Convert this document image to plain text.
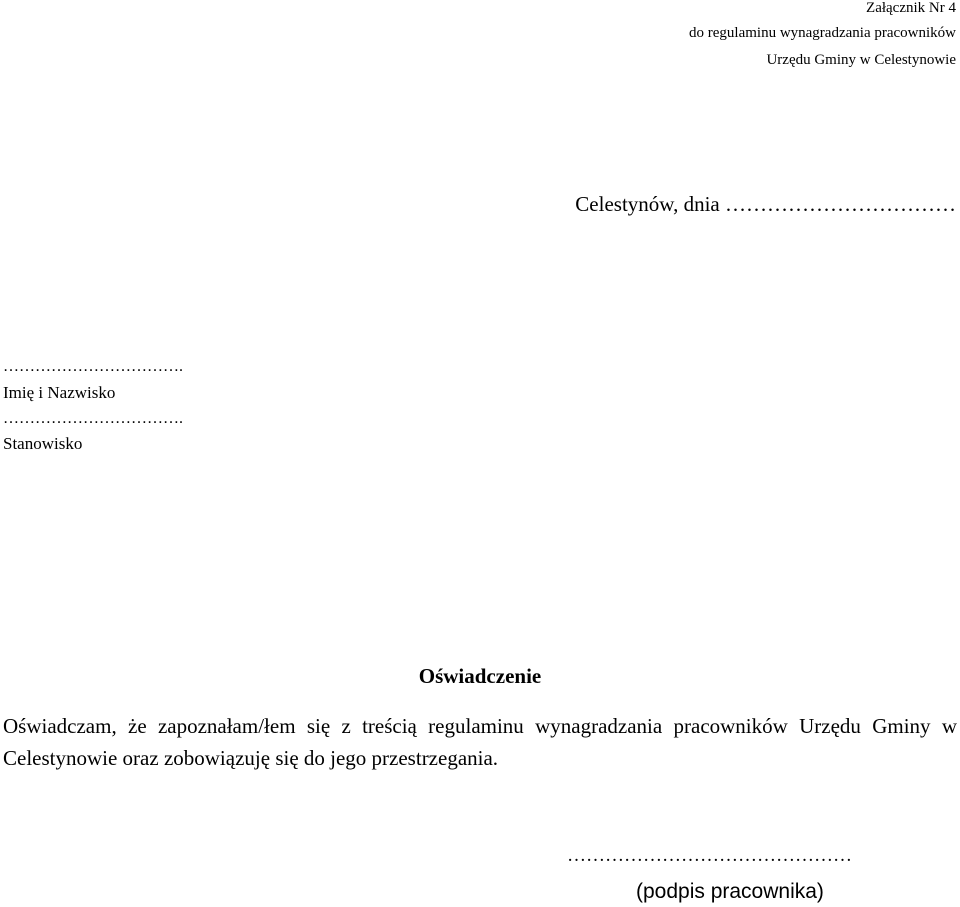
Załącznik Nr 4
do regulaminu wynagradzania pracowników
Urzędu Gminy w Celestynowie
Celestynów, dnia ……………………………
…………………………….
Imię i Nazwisko
…………………………….
Stanowisko
Oświadczenie
Oświadczam, że zapoznałam/łem się z treścią regulaminu wynagradzania pracowników Urzędu Gminy w Celestynowie oraz zobowiązuję się do jego przestrzegania.
………………………………………
(podpis pracownika)
